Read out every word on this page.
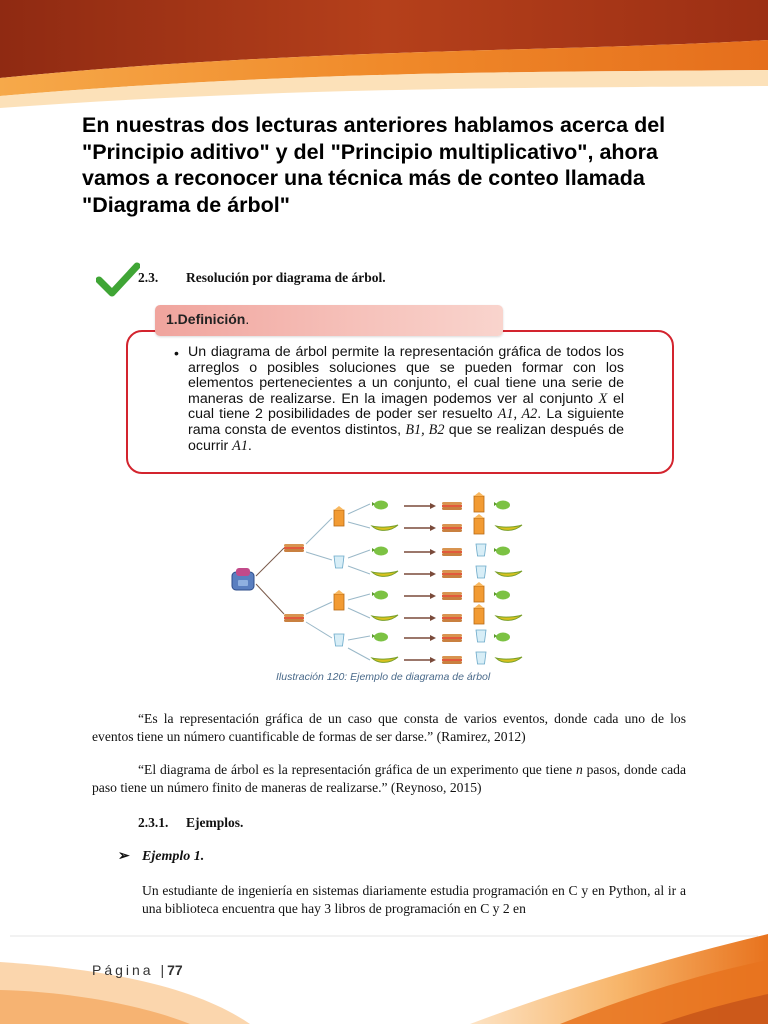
En nuestras dos lecturas anteriores hablamos acerca del "Principio aditivo" y del "Principio multiplicativo", ahora vamos a reconocer una técnica más de conteo llamada "Diagrama de árbol"
2.3. Resolución por diagrama de árbol.
1.Definición.
• Un diagrama de árbol permite la representación gráfica de todos los arreglos o posibles soluciones que se pueden formar con los elementos pertenecientes a un conjunto, el cual tiene una serie de maneras de realizarse. En la imagen podemos ver al conjunto X el cual tiene 2 posibilidades de poder ser resuelto A1, A2. La siguiente rama consta de eventos distintos, B1, B2 que se realizan después de ocurrir A1.
Ilustración 120: Ejemplo de diagrama de árbol
“Es la representación gráfica de un caso que consta de varios eventos, donde cada uno de los eventos tiene un número cuantificable de formas de ser darse.” (Ramirez, 2012)
“El diagrama de árbol es la representación gráfica de un experimento que tiene n pasos, donde cada paso tiene un número finito de maneras de realizarse.” (Reynoso, 2015)
2.3.1. Ejemplos.
➢ Ejemplo 1.
Un estudiante de ingeniería en sistemas diariamente estudia programación en C y en Python, al ir a una biblioteca encuentra que hay 3 libros de programación en C y 2 en
Página |77
